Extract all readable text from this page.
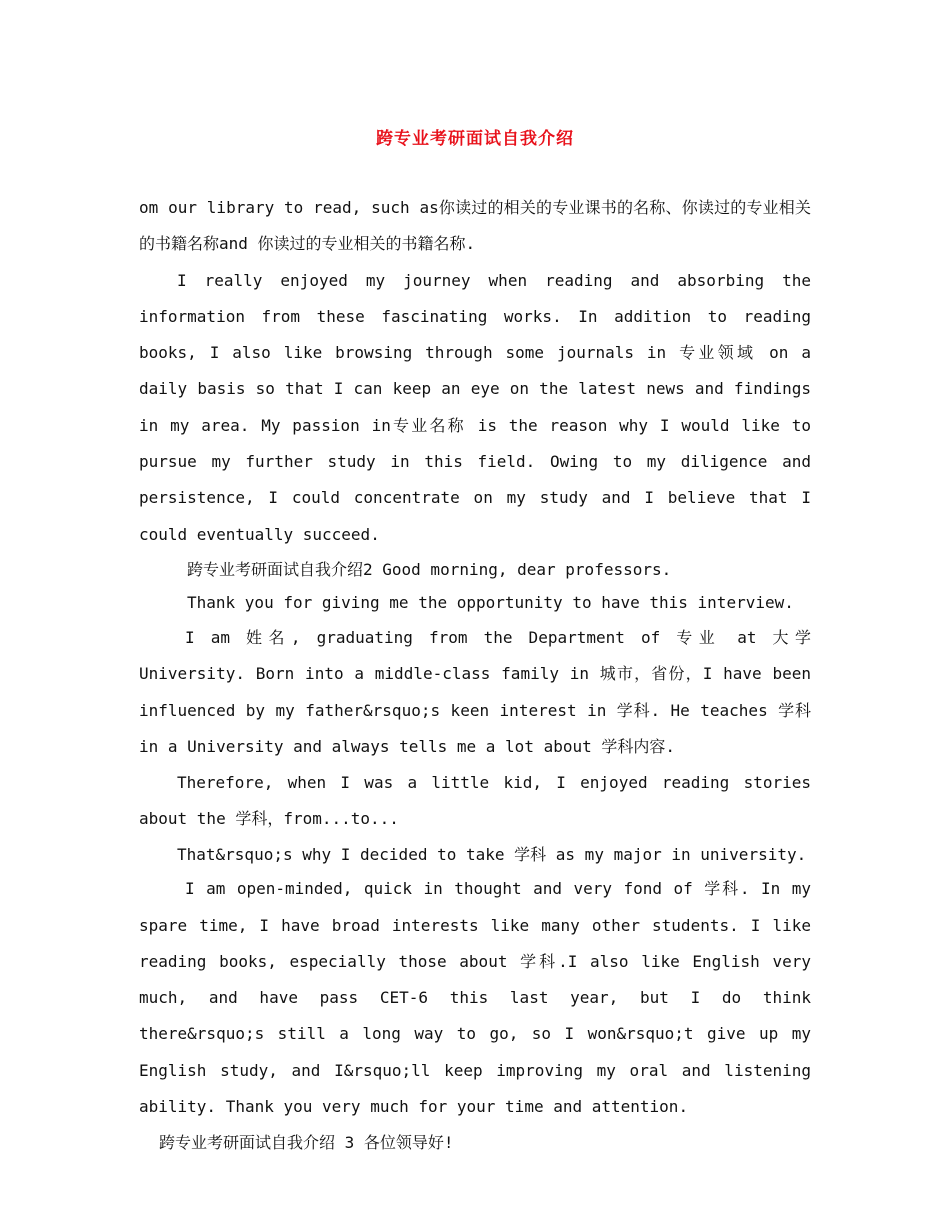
跨专业考研面试自我介绍

om our library to read, such as你读过的相关的专业课书的名称、你读过的专业相关的书籍名称and 你读过的专业相关的书籍名称.

I really enjoyed my journey when reading and absorbing the information from these fascinating works. In addition to reading books, I also like browsing through some journals in 专业领域 on a daily basis so that I can keep an eye on the latest news and findings in my area. My passion in专业名称 is the reason why I would like to pursue my further study in this field. Owing to my diligence and persistence, I could concentrate on my study and I believe that I could eventually succeed.

跨专业考研面试自我介绍2 Good morning, dear professors.

Thank you for giving me the opportunity to have this interview.

I am 姓名, graduating from the Department of 专业 at 大学 University. Born into a middle-class family in 城市，省份，I have been influenced by my father&rsquo;s keen interest in 学科. He teaches 学科 in a University and always tells me a lot about 学科内容.

Therefore, when I was a little kid, I enjoyed reading stories about the 学科，from...to...

That&rsquo;s why I decided to take 学科 as my major in university.

I am open-minded, quick in thought and very fond of 学科. In my spare time, I have broad interests like many other students. I like reading books, especially those about 学科.I also like English very much, and have pass CET-6 this last year, but I do think there&rsquo;s still a long way to go, so I won&rsquo;t give up my English study, and I&rsquo;ll keep improving my oral and listening ability. Thank you very much for your time and attention.

跨专业考研面试自我介绍 3 各位领导好!
